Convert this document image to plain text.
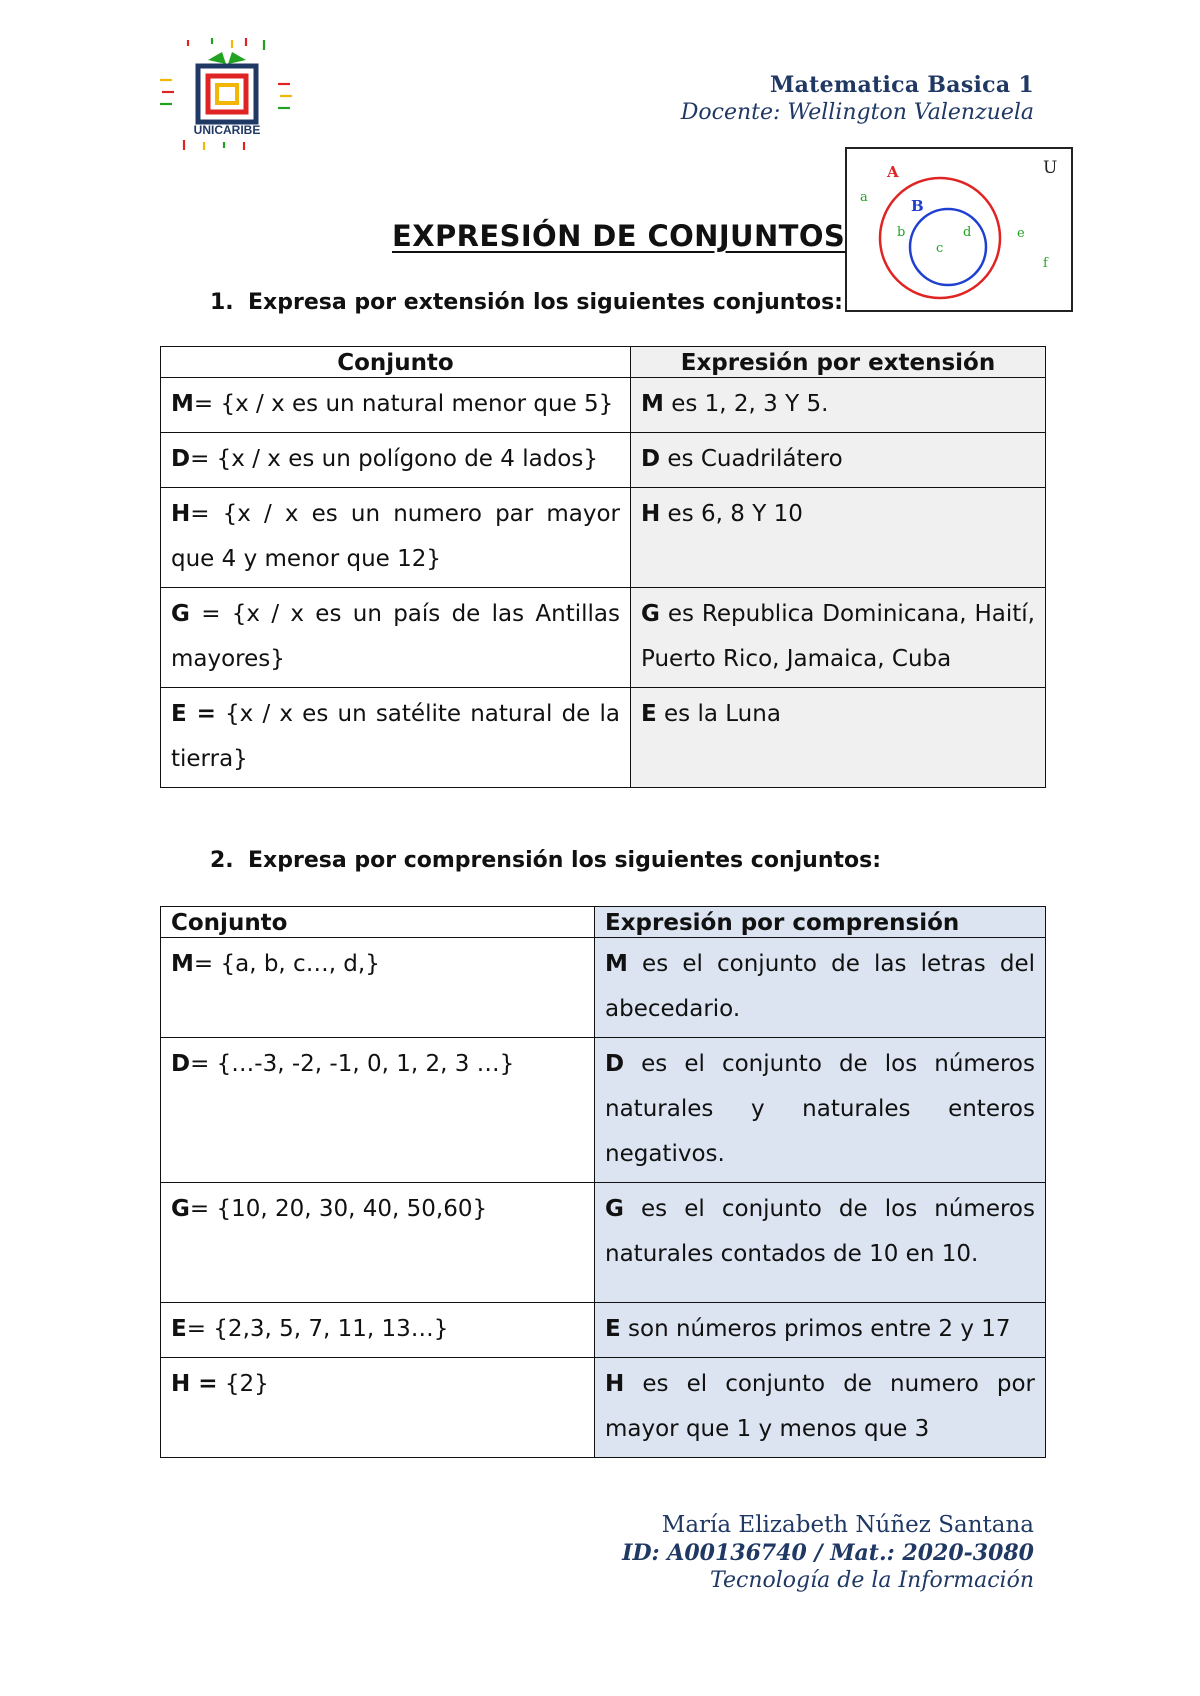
UNICARIBE
Matematica Basica 1
Docente: Wellington Valenzuela
U
A
B
a
b
c
d	e
f
EXPRESIÓN DE CONJUNTOS
1. Expresa por extensión los siguientes conjuntos:
Conjunto	Expresión por extensión
M= {x / x es un natural menor que 5}	M es 1, 2, 3 Y 5.
D= {x / x es un polígono de 4 lados}	D es Cuadrilátero
H= {x / x es un numero par mayor que 4 y menor que 12}	H es 6, 8 Y 10
G = {x / x es un país de las Antillas mayores}	G es Republica Dominicana, Haití, Puerto Rico, Jamaica, Cuba
E = {x / x es un satélite natural de la tierra}	E es la Luna
2. Expresa por comprensión los siguientes conjuntos:
Conjunto	Expresión por comprensión
M= {a, b, c…, d,}	M es el conjunto de las letras del abecedario.
D= {…-3, -2, -1, 0, 1, 2, 3 …}	D es el conjunto de los números naturales y naturales enteros negativos.
G= {10, 20, 30, 40, 50,60}	G es el conjunto de los números naturales contados de 10 en 10.
E= {2,3, 5, 7, 11, 13…}	E son números primos entre 2 y 17
H = {2}	H es el conjunto de numero por mayor que 1 y menos que 3
María Elizabeth Núñez Santana
ID: A00136740 / Mat.: 2020-3080
Tecnología de la Información
